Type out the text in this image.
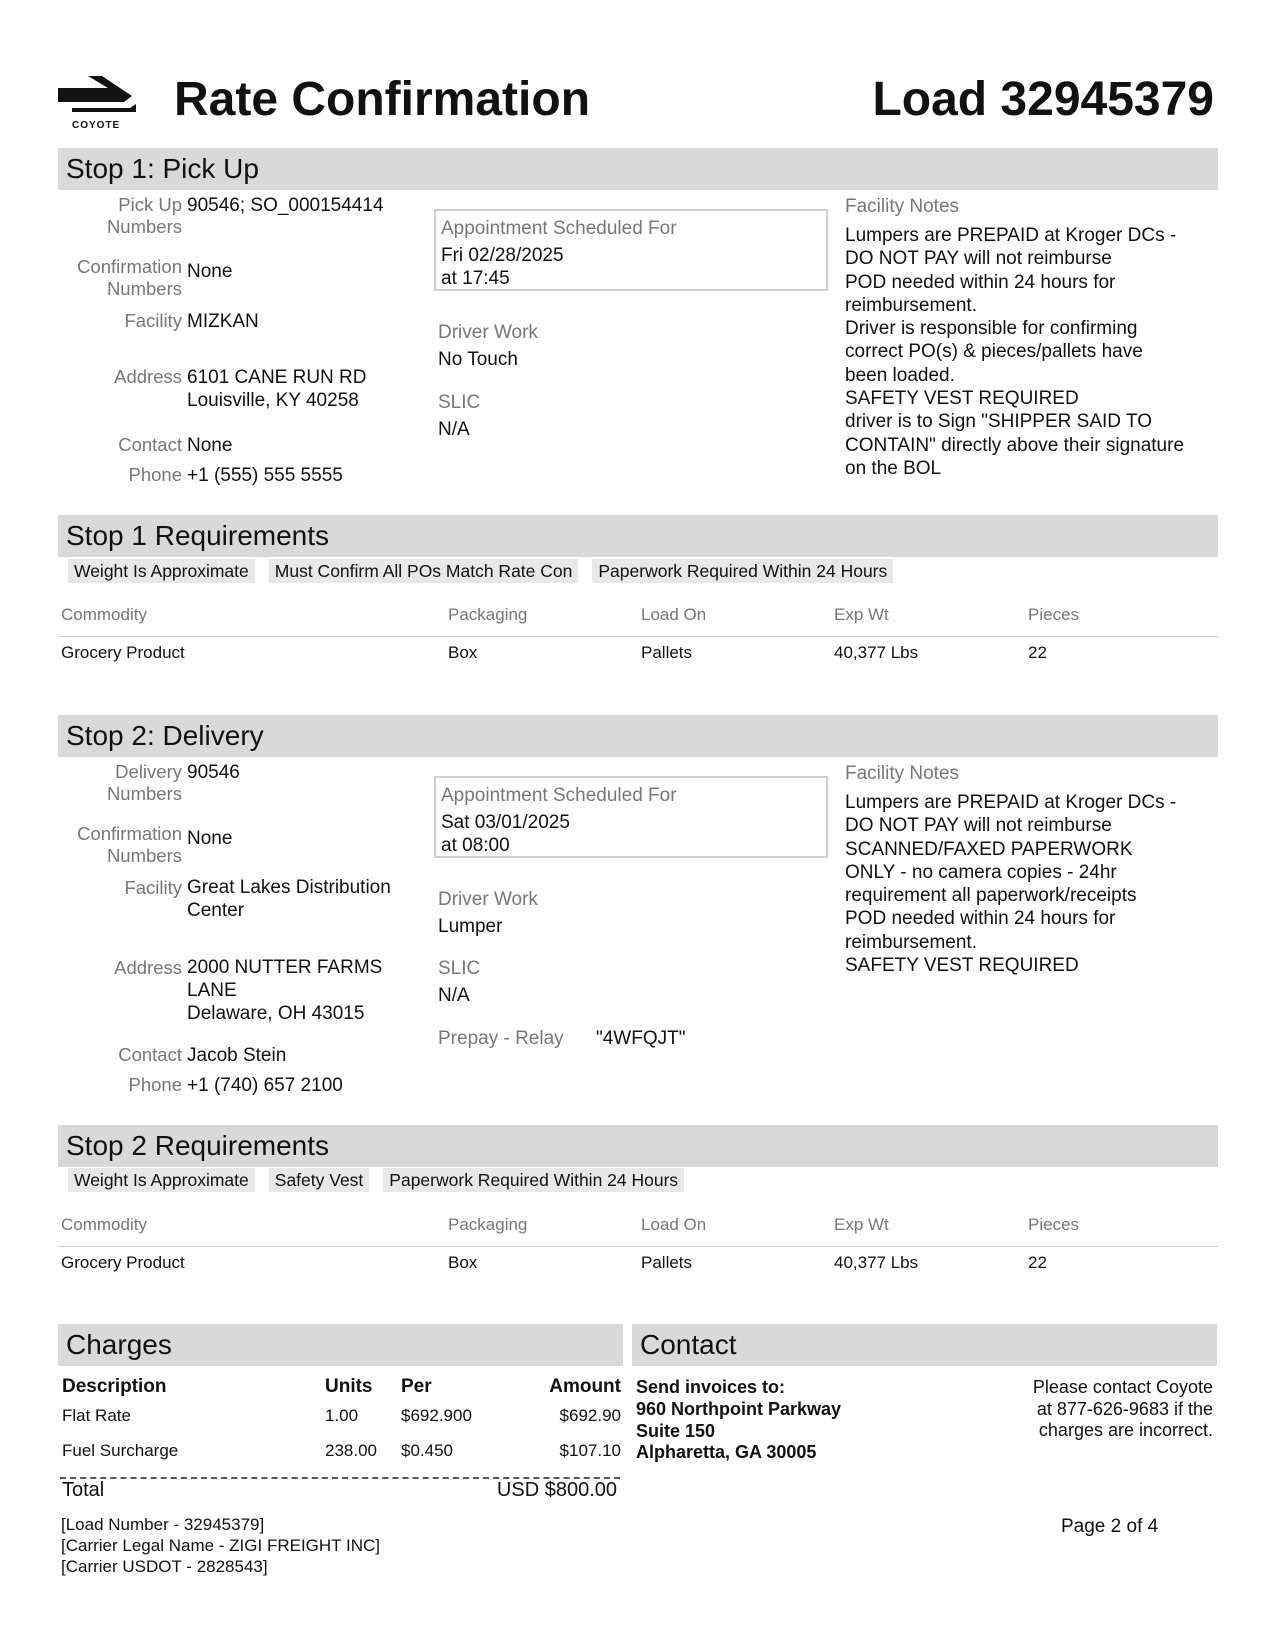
COYOTE Rate Confirmation	Load 32945379
Stop 1: Pick Up
Pick Up
Numbers
90546; SO_000154414
Confirmation
Numbers
None
Facility MIZKAN
Address 6101 CANE RUN RD
Louisville, KY 40258
Contact None
Phone +1 (555) 555 5555
Appointment Scheduled For
Fri 02/28/2025
at 17:45
Driver Work
No Touch
SLIC
N/A
Facility Notes
Lumpers are PREPAID at Kroger DCs -
DO NOT PAY will not reimburse
POD needed within 24 hours for
reimbursement.
Driver is responsible for confirming
correct PO(s) & pieces/pallets have
been loaded.
SAFETY VEST REQUIRED
driver is to Sign "SHIPPER SAID TO
CONTAIN" directly above their signature
on the BOL
Stop 1 Requirements
Weight Is Approximate	Must Confirm All POs Match Rate Con	Paperwork Required Within 24 Hours
Commodity	Packaging	Load On	Exp Wt	Pieces
Grocery Product	Box	Pallets	40,377 Lbs	22
Stop 2: Delivery
Delivery
Numbers
90546
Confirmation
Numbers
None
Facility Great Lakes Distribution
Center
Address 2000 NUTTER FARMS
LANE
Delaware, OH 43015
Contact Jacob Stein
Phone +1 (740) 657 2100
Appointment Scheduled For
Sat 03/01/2025
at 08:00
Driver Work
Lumper
SLIC
N/A
Prepay - Relay "4WFQJT"
Facility Notes
Lumpers are PREPAID at Kroger DCs -
DO NOT PAY will not reimburse
SCANNED/FAXED PAPERWORK
ONLY - no camera copies - 24hr
requirement all paperwork/receipts
POD needed within 24 hours for
reimbursement.
SAFETY VEST REQUIRED
Stop 2 Requirements
Weight Is Approximate	Safety Vest	Paperwork Required Within 24 Hours
Commodity	Packaging	Load On	Exp Wt	Pieces
Grocery Product	Box	Pallets	40,377 Lbs	22
Charges
Description	Units Per	Amount
Flat Rate	1.00	$692.900	$692.90
Fuel Surcharge	238.00 $0.450	$107.10
Total	USD $800.00
Contact
Send invoices to:
960 Northpoint Parkway
Suite 150
Alpharetta, GA 30005
Please contact Coyote
at 877-626-9683 if the
charges are incorrect.
[Load Number - 32945379]
[Carrier Legal Name - ZIGI FREIGHT INC]
[Carrier USDOT - 2828543]
Page 2 of 4
